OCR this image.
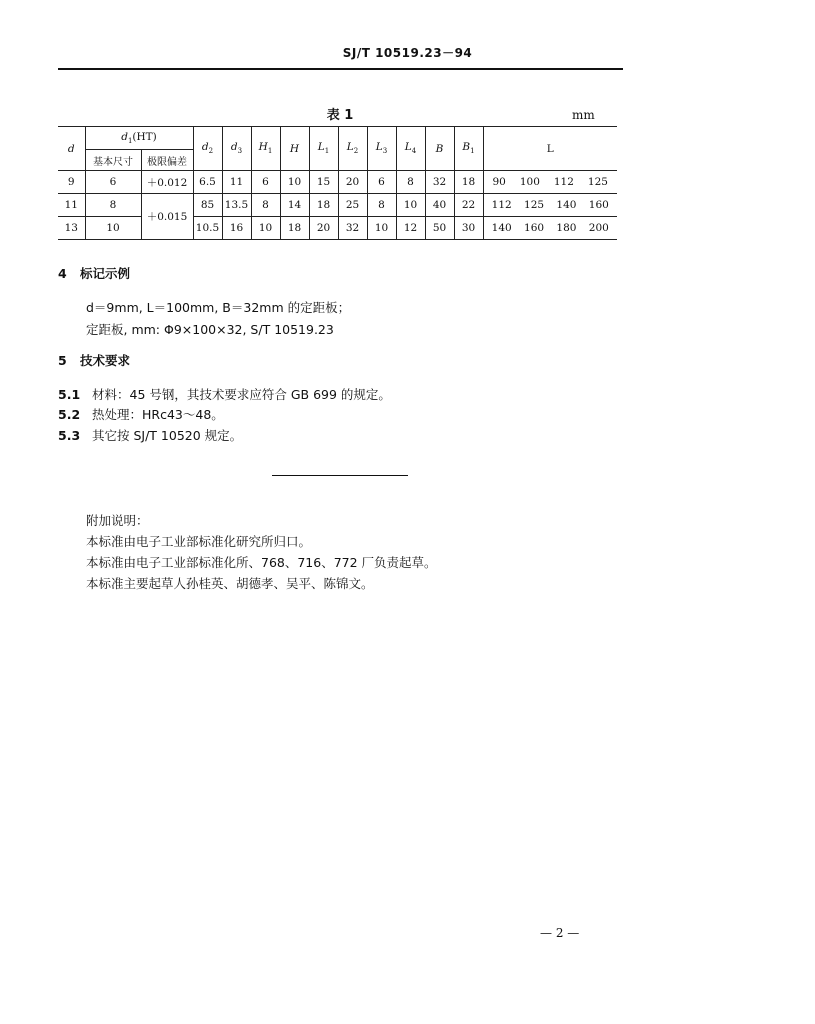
SJ/T 10519.23－94
表 1	mm
d	$d_1(HT)$		$d_2$	$d_3$	$H_1$	H	$L_1$	$L_2$	$L_3$	$L_4$	B	$B_1$	L
	基本尺寸	极限偏差											
9	6	＋0.012	6.5	11	6	10	15	20	6	8	32	18	90 100 112 125

11	8	＋0.015	85	13.5	8	14	18	25	8	10	40	22	112 125 140 160

13	10		10.5	16	10	18	20	32	10	12	50	30	140 160 180 200
4 标记示例
d＝9mm, L＝100mm, B＝32mm 的定距板；
定距板, mm: Φ9×100×32, S/T 10519.23
5 技术要求
5.1 材料：45 号钢，其技术要求应符合 GB 699 的规定。
5.2 热处理：HRc43～48。
5.3 其它按 SJ/T 10520 规定。
附加说明：
本标准由电子工业部标准化研究所归口。
本标准由电子工业部标准化所、768、716、772 厂负责起草。
本标准主要起草人孙桂英、胡德孝、吴平、陈锦文。
— 2 —
